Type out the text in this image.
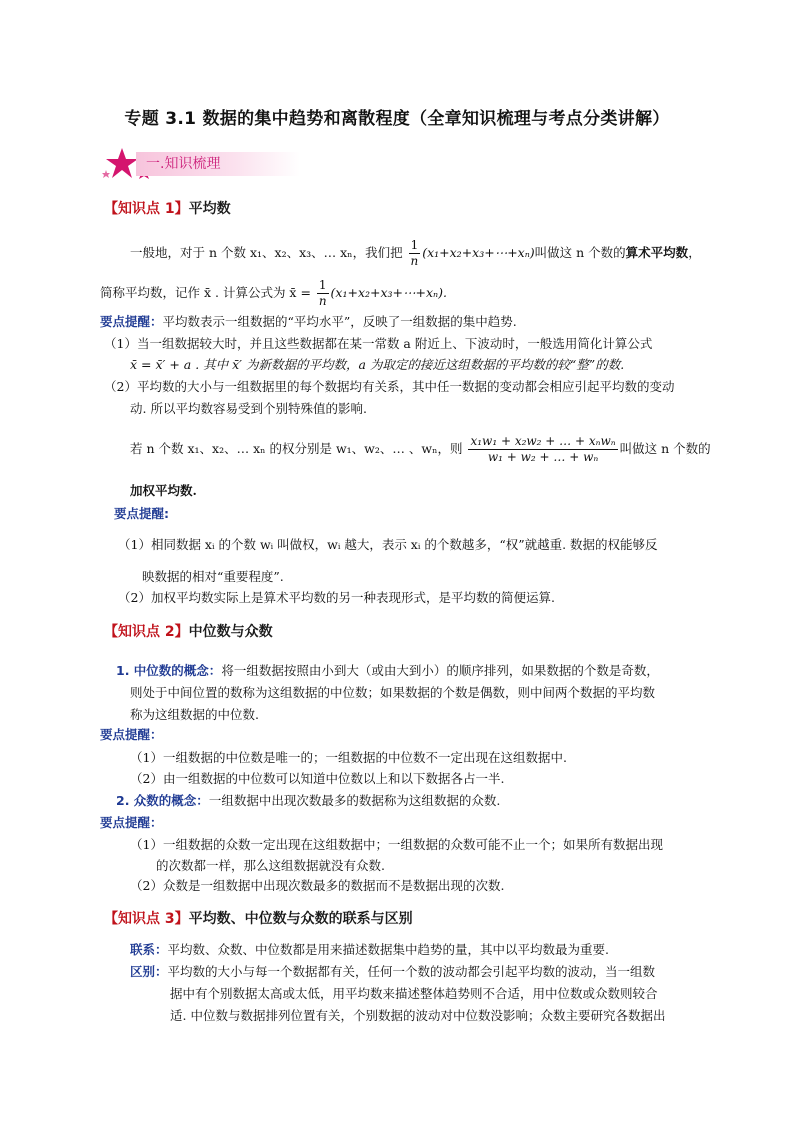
专题 3.1 数据的集中趋势和离散程度（全章知识梳理与考点分类讲解）
一.知识梳理
【知识点 1】平均数
一般地，对于 n 个数 x₁、x₂、x₃、… xₙ，我们把 $\frac{1}{n}$ (x₁+x₂+x₃+⋯+xₙ)叫做这 n 个数的算术平均数，
简称平均数，记作 x̄ . 计算公式为 x̄ = $\frac{1}{n}$ (x₁+x₂+x₃+⋯+xₙ).
要点提醒：平均数表示一组数据的“平均水平”，反映了一组数据的集中趋势.
（1）当一组数据较大时，并且这些数据都在某一常数 a 附近上、下波动时，一般选用简化计算公式
x̄ = x̄′ + a . 其中 x̄′ 为新数据的平均数，a 为取定的接近这组数据的平均数的较“整”的数.
（2）平均数的大小与一组数据里的每个数据均有关系，其中任一数据的变动都会相应引起平均数的变动
动. 所以平均数容易受到个别特殊值的影响.
若 n 个数 x₁、x₂、… xₙ 的权分别是 w₁、w₂、… 、wₙ，则 $\frac{\text{x₁w₁ + x₂w₂ + … + xₙwₙ}}{\text{w₁ + w₂ + … + wₙ}}$ 叫做这 n 个数的
加权平均数.
要点提醒:
（1）相同数据 xᵢ 的个数 wᵢ 叫做权，wᵢ 越大，表示 xᵢ 的个数越多，“权”就越重. 数据的权能够反
映数据的相对“重要程度”.
（2）加权平均数实际上是算术平均数的另一种表现形式，是平均数的简便运算.
【知识点 2】中位数与众数
1. 中位数的概念：将一组数据按照由小到大（或由大到小）的顺序排列，如果数据的个数是奇数，
则处于中间位置的数称为这组数据的中位数；如果数据的个数是偶数，则中间两个数据的平均数
称为这组数据的中位数.
要点提醒：
（1）一组数据的中位数是唯一的；一组数据的中位数不一定出现在这组数据中.
（2）由一组数据的中位数可以知道中位数以上和以下数据各占一半.
2. 众数的概念：一组数据中出现次数最多的数据称为这组数据的众数.
要点提醒：
（1）一组数据的众数一定出现在这组数据中；一组数据的众数可能不止一个；如果所有数据出现
的次数都一样，那么这组数据就没有众数.
（2）众数是一组数据中出现次数最多的数据而不是数据出现的次数.
【知识点 3】平均数、中位数与众数的联系与区别
联系：平均数、众数、中位数都是用来描述数据集中趋势的量，其中以平均数最为重要.
区别：平均数的大小与每一个数据都有关，任何一个数的波动都会引起平均数的波动，当一组数
据中有个别数据太高或太低，用平均数来描述整体趋势则不合适，用中位数或众数则较合
适. 中位数与数据排列位置有关，个别数据的波动对中位数没影响；众数主要研究各数据出
